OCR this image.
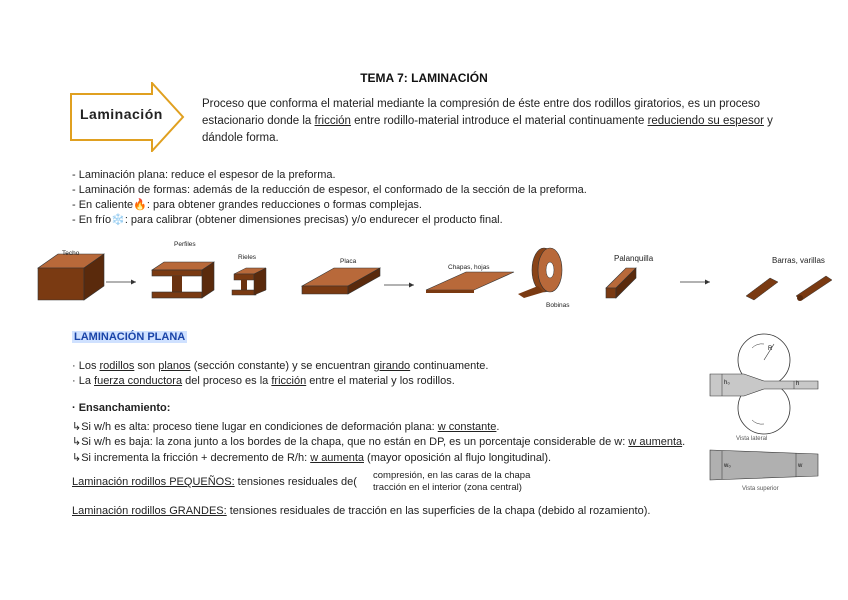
TEMA 7: LAMINACIÓN
Laminación
Proceso que conforma el material mediante la compresión de éste entre dos rodillos giratorios, es un proceso estacionario donde la fricción entre rodillo-material introduce el material continuamente reduciendo su espesor y dándole forma.
- Laminación plana: reduce el espesor de la preforma.
- Laminación de formas: además de la reducción de espesor, el conformado de la sección de la preforma.
- En caliente🔥: para obtener grandes reducciones o formas complejas.
- En frío❄️: para calibrar (obtener dimensiones precisas) y/o endurecer el producto final.
Techo
Perfiles
Rieles
Placa
Chapas, hojas
Bobinas
Palanquilla	Barras, varillas
LAMINACIÓN PLANA
· Los rodillos son planos (sección constante) y se encuentran girando continuamente.
· La fuerza conductora del proceso es la fricción entre el material y los rodillos.
· Ensanchamiento:
↳Si w/h es alta: proceso tiene lugar en condiciones de deformación plana: w constante.
↳Si w/h es baja: la zona junto a los bordes de la chapa, que no están en DP, es un porcentaje considerable de w: w aumenta.
↳Si incrementa la fricción + decremento de R/h: w aumenta (mayor oposición al flujo longitudinal).
Laminación rodillos PEQUEÑOS: tensiones residuales de(
compresión, en las caras de la chapa
tracción en el interior (zona central)
Laminación rodillos GRANDES: tensiones residuales de tracción en las superficies de la chapa (debido al rozamiento).
R
h₀	h
Vista lateral
w₀	w
Vista superior
